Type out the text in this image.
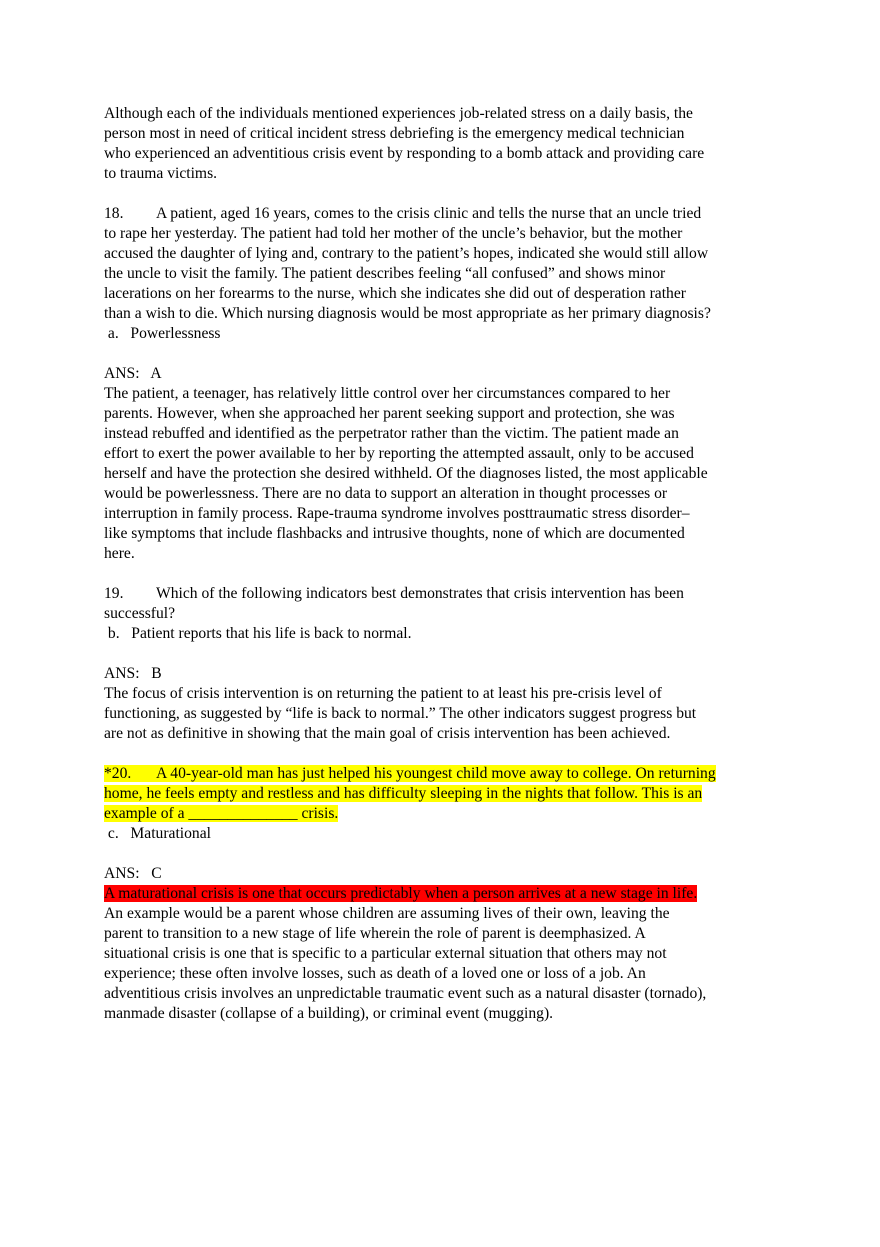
Although each of the individuals mentioned experiences job-related stress on a daily basis, the
person most in need of critical incident stress debriefing is the emergency medical technician
who experienced an adventitious crisis event by responding to a bomb attack and providing care
to trauma victims.
18. A patient, aged 16 years, comes to the crisis clinic and tells the nurse that an uncle tried
to rape her yesterday. The patient had told her mother of the uncle’s behavior, but the mother
accused the daughter of lying and, contrary to the patient’s hopes, indicated she would still allow
the uncle to visit the family. The patient describes feeling “all confused” and shows minor
lacerations on her forearms to the nurse, which she indicates she did out of desperation rather
than a wish to die. Which nursing diagnosis would be most appropriate as her primary diagnosis?
a.   Powerlessness
ANS:   A
The patient, a teenager, has relatively little control over her circumstances compared to her
parents. However, when she approached her parent seeking support and protection, she was
instead rebuffed and identified as the perpetrator rather than the victim. The patient made an
effort to exert the power available to her by reporting the attempted assault, only to be accused
herself and have the protection she desired withheld. Of the diagnoses listed, the most applicable
would be powerlessness. There are no data to support an alteration in thought processes or
interruption in family process. Rape-trauma syndrome involves posttraumatic stress disorder–
like symptoms that include flashbacks and intrusive thoughts, none of which are documented
here.
19. Which of the following indicators best demonstrates that crisis intervention has been
successful?
b.   Patient reports that his life is back to normal.
ANS:   B
The focus of crisis intervention is on returning the patient to at least his pre-crisis level of
functioning, as suggested by “life is back to normal.” The other indicators suggest progress but
are not as definitive in showing that the main goal of crisis intervention has been achieved.
*20. A 40-year-old man has just helped his youngest child move away to college. On returning
home, he feels empty and restless and has difficulty sleeping in the nights that follow. This is an
example of a ______________ crisis.
c.   Maturational
ANS:   C
A maturational crisis is one that occurs predictably when a person arrives at a new stage in life.
An example would be a parent whose children are assuming lives of their own, leaving the
parent to transition to a new stage of life wherein the role of parent is deemphasized. A
situational crisis is one that is specific to a particular external situation that others may not
experience; these often involve losses, such as death of a loved one or loss of a job. An
adventitious crisis involves an unpredictable traumatic event such as a natural disaster (tornado),
manmade disaster (collapse of a building), or criminal event (mugging).
